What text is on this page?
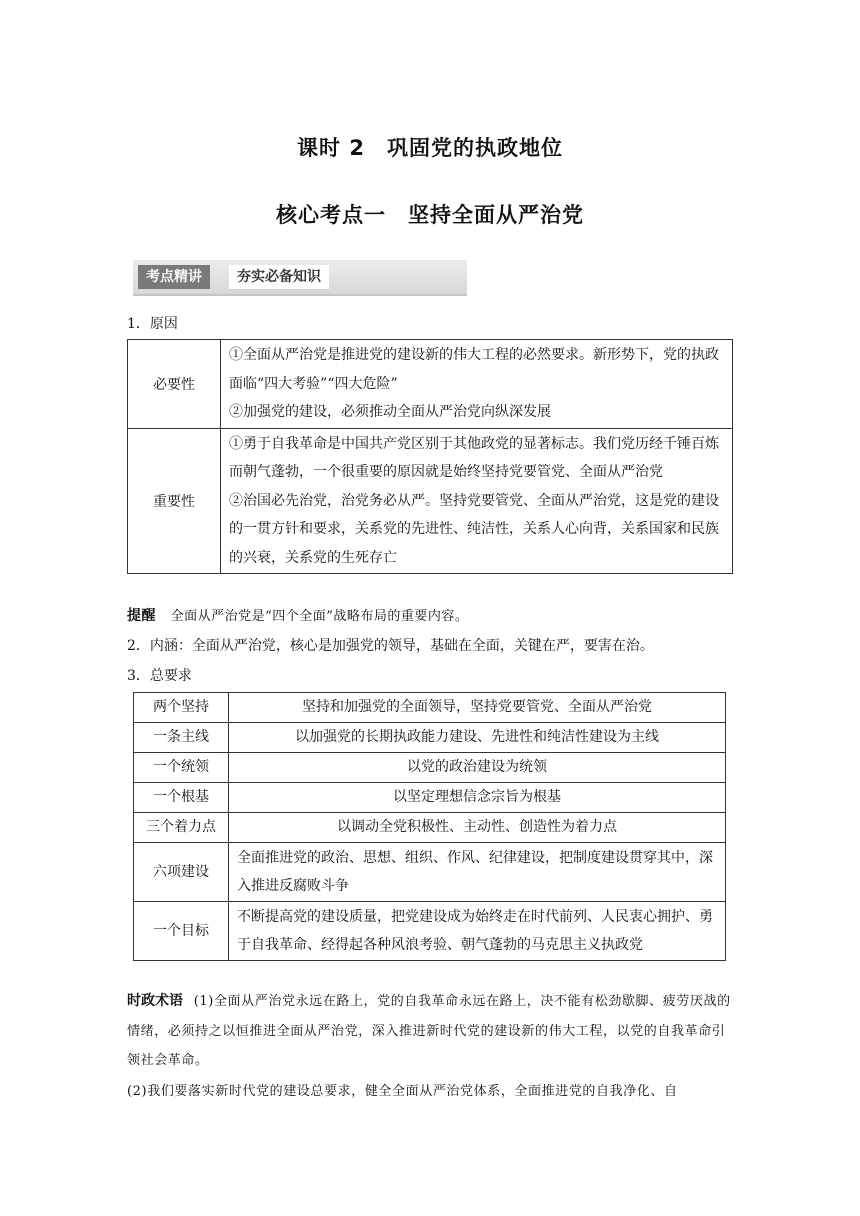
课时 2　巩固党的执政地位
核心考点一　坚持全面从严治党
考点精讲	夯实必备知识
1．原因
必要性	①全面从严治党是推进党的建设新的伟大工程的必然要求。新形势下，党的执政面临“四大考验”“四大危险”
②加强党的建设，必须推动全面从严治党向纵深发展

重要性	①勇于自我革命是中国共产党区别于其他政党的显著标志。我们党历经千锤百炼而朝气蓬勃，一个很重要的原因就是始终坚持党要管党、全面从严治党
②治国必先治党，治党务必从严。坚持党要管党、全面从严治党，这是党的建设的一贯方针和要求，关系党的先进性、纯洁性，关系人心向背，关系国家和民族的兴衰，关系党的生死存亡
提醒 全面从严治党是“四个全面”战略布局的重要内容。
2．内涵：全面从严治党，核心是加强党的领导，基础在全面，关键在严，要害在治。
3．总要求
两个坚持	坚持和加强党的全面领导，坚持党要管党、全面从严治党
一条主线	以加强党的长期执政能力建设、先进性和纯洁性建设为主线
一个统领	以党的政治建设为统领
一个根基	以坚定理想信念宗旨为根基
三个着力点	以调动全党积极性、主动性、创造性为着力点
六项建设	全面推进党的政治、思想、组织、作风、纪律建设，把制度建设贯穿其中，深入推进反腐败斗争
一个目标	不断提高党的建设质量，把党建设成为始终走在时代前列、人民衷心拥护、勇于自我革命、经得起各种风浪考验、朝气蓬勃的马克思主义执政党
时政术语 (1)全面从严治党永远在路上，党的自我革命永远在路上，决不能有松劲歇脚、疲劳厌战的情绪，必须持之以恒推进全面从严治党，深入推进新时代党的建设新的伟大工程，以党的自我革命引领社会革命。
(2)我们要落实新时代党的建设总要求，健全全面从严治党体系，全面推进党的自我净化、自
